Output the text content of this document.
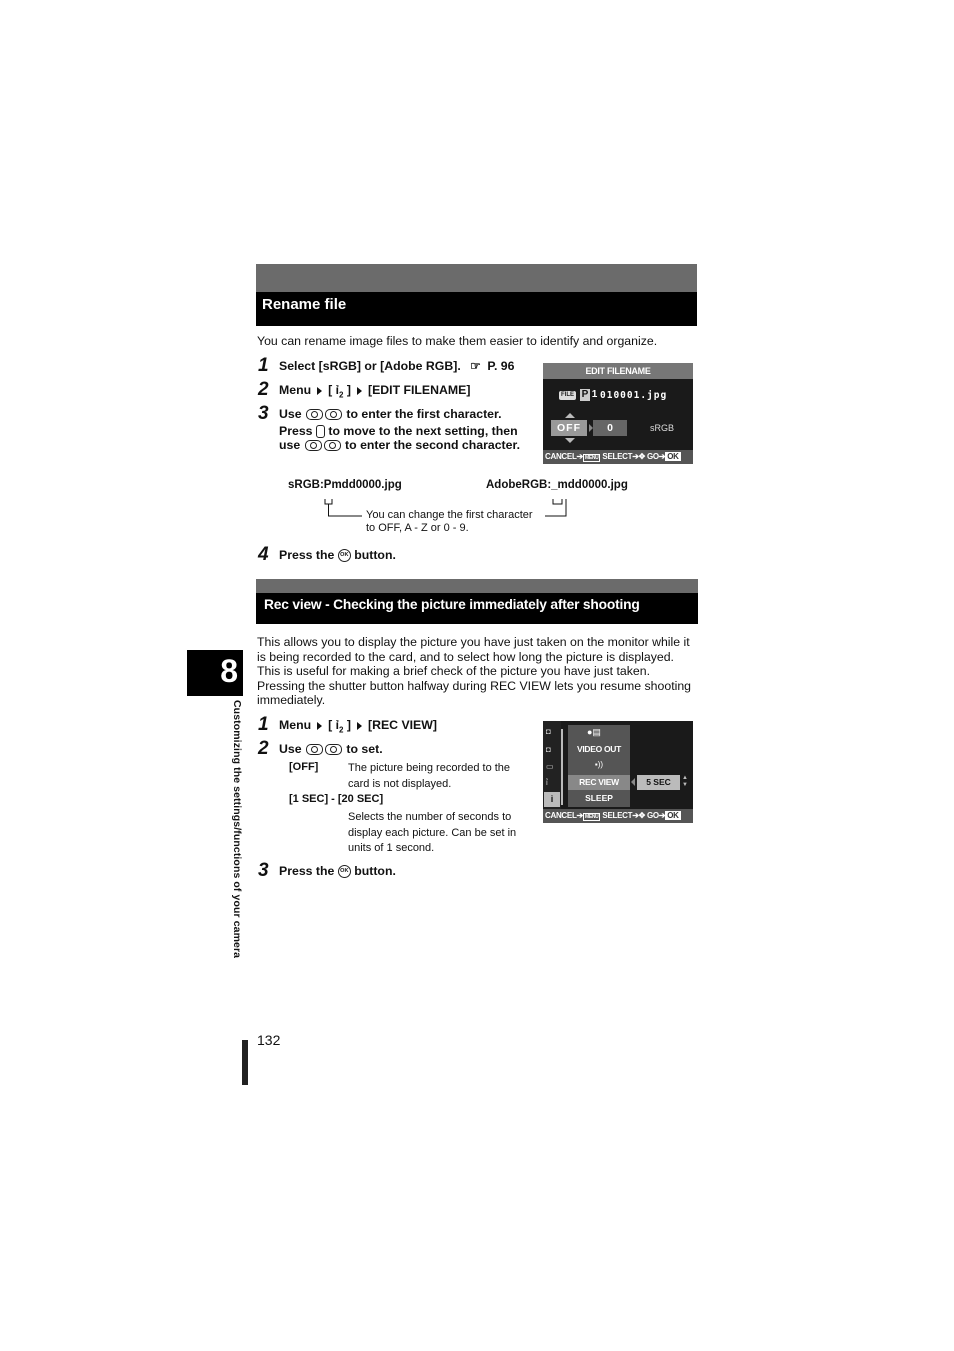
Rename file
You can rename image files to make them easier to identify and organize.
1 Select [sRGB] or [Adobe RGB]. ☞ P. 96
2 Menu [ ỉ$_2$ ] [EDIT FILENAME]
3 Use	to enter the first character.
Press to move to the next setting, then
use	to enter the second character.
EDIT FILENAME
FILE P 1 010001.jpg
OFF	0	sRGB
CANCEL➔ MENU SELECT➔✥ GO➔ OK
sRGB:Pmdd0000.jpg	AdobeRGB:_mdd0000.jpg
You can change the first character
to OFF, A - Z or 0 - 9.
4 Press the OK button.
Rec view - Checking the picture immediately after shooting
This allows you to display the picture you have just taken on the monitor while it is being recorded to the card, and to select how long the picture is displayed. This is useful for making a brief check of the picture you have just taken. Pressing the shutter button halfway during REC VIEW lets you resume shooting immediately.
1 Menu [ ỉ$_2$ ] [REC VIEW]
2 Use	to set.
[OFF]	The picture being recorded to the card is not displayed.
[1 SEC] - [20 SEC]
Selects the number of seconds to display each picture. Can be set in units of 1 second.
3 Press the OK button.
◘
◘
▭
ỉ
ỉ
●▤
VIDEO OUT
▪))
REC VIEW	5 SEC	▲
▼
SLEEP
CANCEL➔ MENU SELECT➔✥ GO➔ OK
8
Customizing the settings/functions of your camera
132
